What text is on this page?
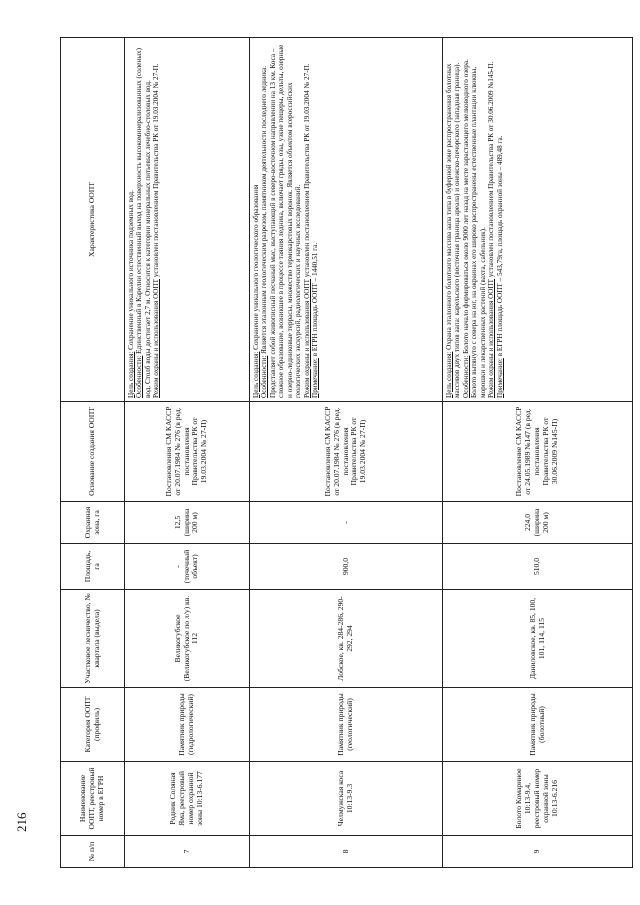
216
№ п/п	Наименование ООПТ, реестровый номер в ЕГРН	Категория ООПТ (профиль)	Участковое лесничество, № квартала (выдела)	Площадь, га	Охранная зона, га	Основание создания ООПТ	Характеристика ООПТ
7	Родник Соляная Яма, реестровый номер охранной зоны 10:13-6.177	Памятник природы (гидрологический)	Великогубское (Великогубское по л/у) кв. 112	- (точечный объект)	12,5 (ширина 200 м)	Постановления СМ КАССР от 20.07.1984 № 276 (в ред. постановления Правительства РК от 19.03.2004 № 27-П)	Цель создания: Сохранение уникального источника подземных вод.
Особенности: Единственный в Карелии естественный выход на поверхность высокоминерализованных (соленых) вод. Столб воды достигает 2,7 м. Относится к категории минеральных питьевых лечебно-столовых вод. Режим охраны и использования ООПТ установлен постановлением Правительства РК от 19.03.2004 № 27-П.

8	Челмужская коса 10:13-9.3	Памятник природы (геологический)	Лобское, кв. 284-286, 290-292, 294	900,0	-	Постановления СМ КАССР от 20.07.1984 № 276 (в ред. постановления Правительства РК от 19.03.2004 № 27-П)	Цель создания: Сохранение уникального геологического образования
Особенности: Является эталонным геологическим разрезом, памятником деятельности последнего ледника. Представляет собой живописный песчаный мыс, выступающий в северо-восточном направлении на 13 км. Коса – сложное образование, возникшее в процессе таяния ледника, включает гряды, озы, узкие пещеры, дельты, озерные и озерно-ледниковые террасы, множество термокарстовых воронок. Является объектом всероссийских геологических экскурсий, радиологических и научных исследований. Режим охраны и использования ООПТ установлен постановлением Правительства РК от 19.03.2004 № 27-П.
Примечание: в ЕГРН площадь ООПТ – 1440,51 га.

9	Болото Комариное 10:13-9.4, реестровый номер охранной зоны 10:13-6.216	Памятник природы (болотный)	Даниловское, кв. 85, 100, 101, 114, 115	510,0	224,0 (ширина 200 м)	Постановление СМ КАССР от 24.05.1989 №147 (в ред. постановления Правительства РК от 30.06.2009 №145-П)	Цель создания: Охрана эталонного болотного массива аапа типа в буферной зоне распространения болотных массивов двух типов аапа: карельского (восточная граница ареала) и онежско-печорского (западная граница). Особенности: Болото начало формироваться около 9000 лет назад на месте зарастающего мелководного озера. Болото вытянуто с севера на юг, на окраинах его широко распространены естественные плантации клюквы, морошки и лекарственных растений (вахта, сабельник). Режим охраны и использования ООПТ установлен постановлением Правительства РК от 30.06.2009 №145-П.
Примечание: в ЕГРН площадь ООПТ – 543,79га, площадь охранной зоны – 489,48 га.
